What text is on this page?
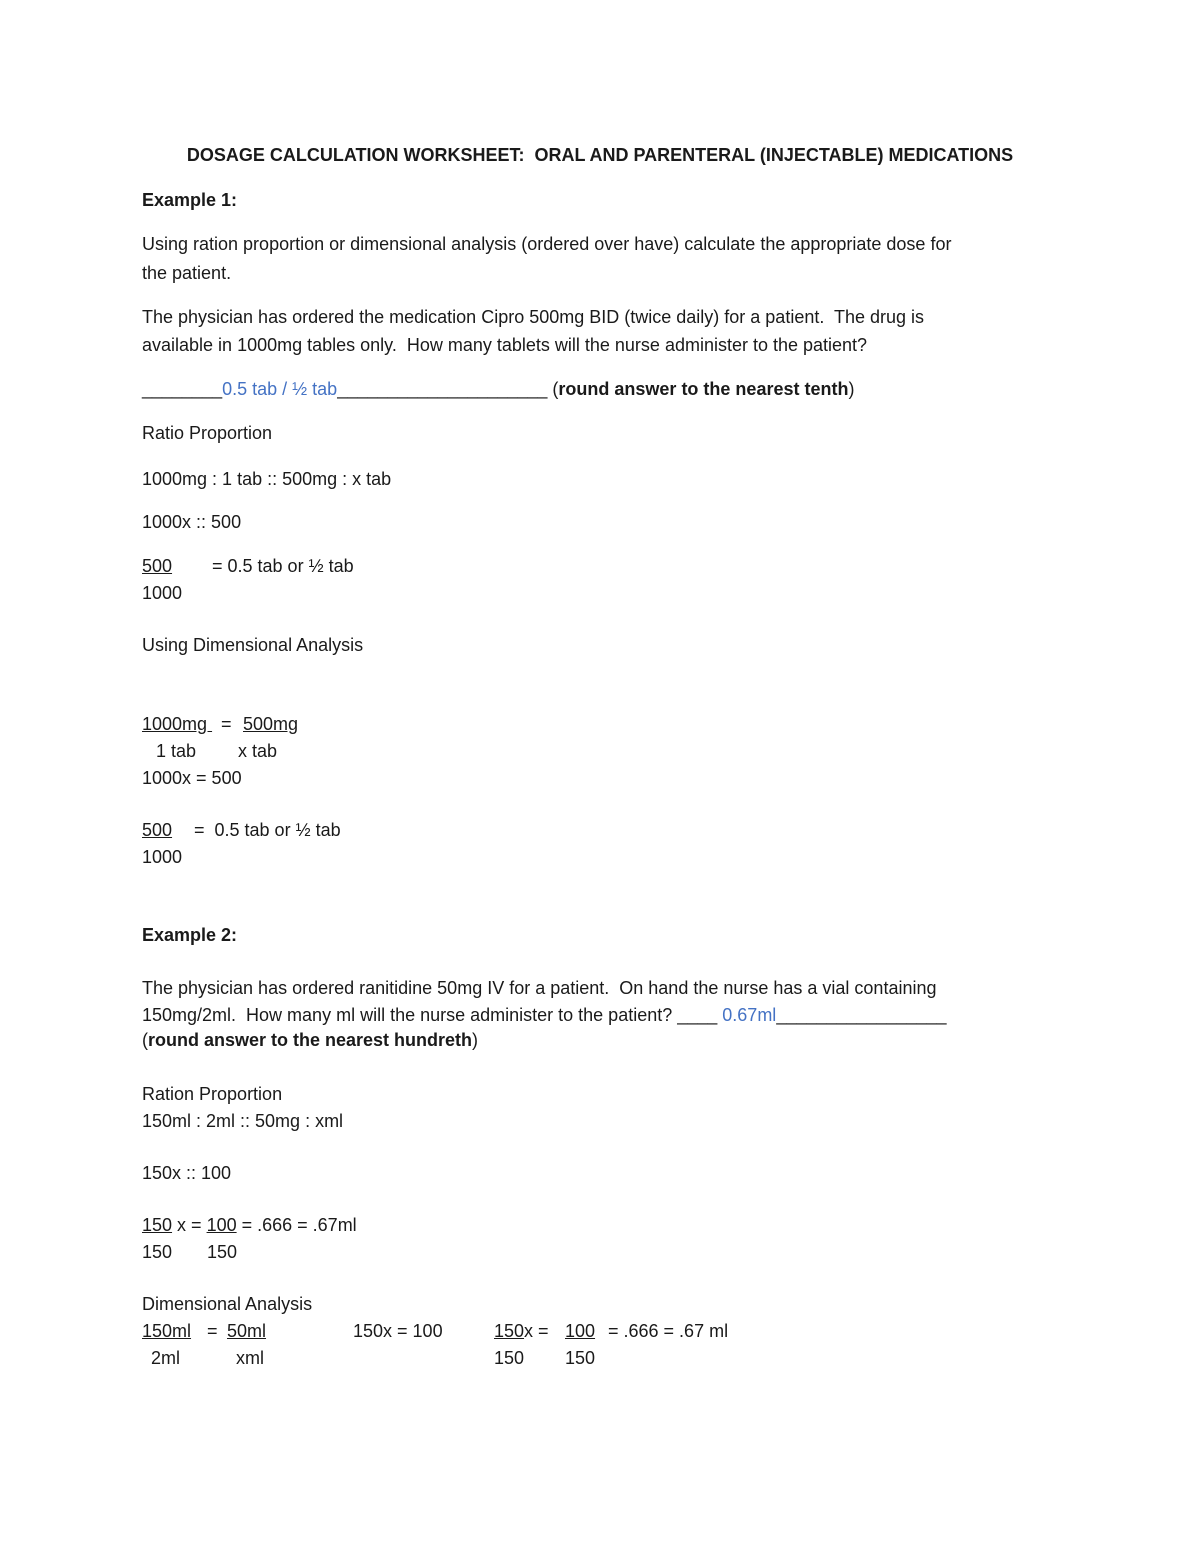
DOSAGE CALCULATION WORKSHEET:  ORAL AND PARENTERAL (INJECTABLE) MEDICATIONS
Example 1:
Using ration proportion or dimensional analysis (ordered over have) calculate the appropriate dose for
the patient.
The physician has ordered the medication Cipro 500mg BID (twice daily) for a patient.  The drug is
available in 1000mg tables only.  How many tablets will the nurse administer to the patient?
________0.5 tab / ½ tab_____________________ (round answer to the nearest tenth)
Ratio Proportion
1000mg : 1 tab :: 500mg : x tab
1000x :: 500
500 = 0.5 tab or ½ tab
1000
Using Dimensional Analysis
1000mg = 500mg
1 tab x tab
1000x = 500
500 =  0.5 tab or ½ tab
1000
Example 2:
The physician has ordered ranitidine 50mg IV for a patient.  On hand the nurse has a vial containing
150mg/2ml.  How many ml will the nurse administer to the patient? ____ 0.67ml_________________
(round answer to the nearest hundreth)
Ration Proportion
150ml : 2ml :: 50mg : xml
150x :: 100
150 x = 100 = .666 = .67ml
150 150
Dimensional Analysis
150ml = 50ml	150x = 100	150x = 100 = .666 = .67 ml
2ml	xml	150 150
